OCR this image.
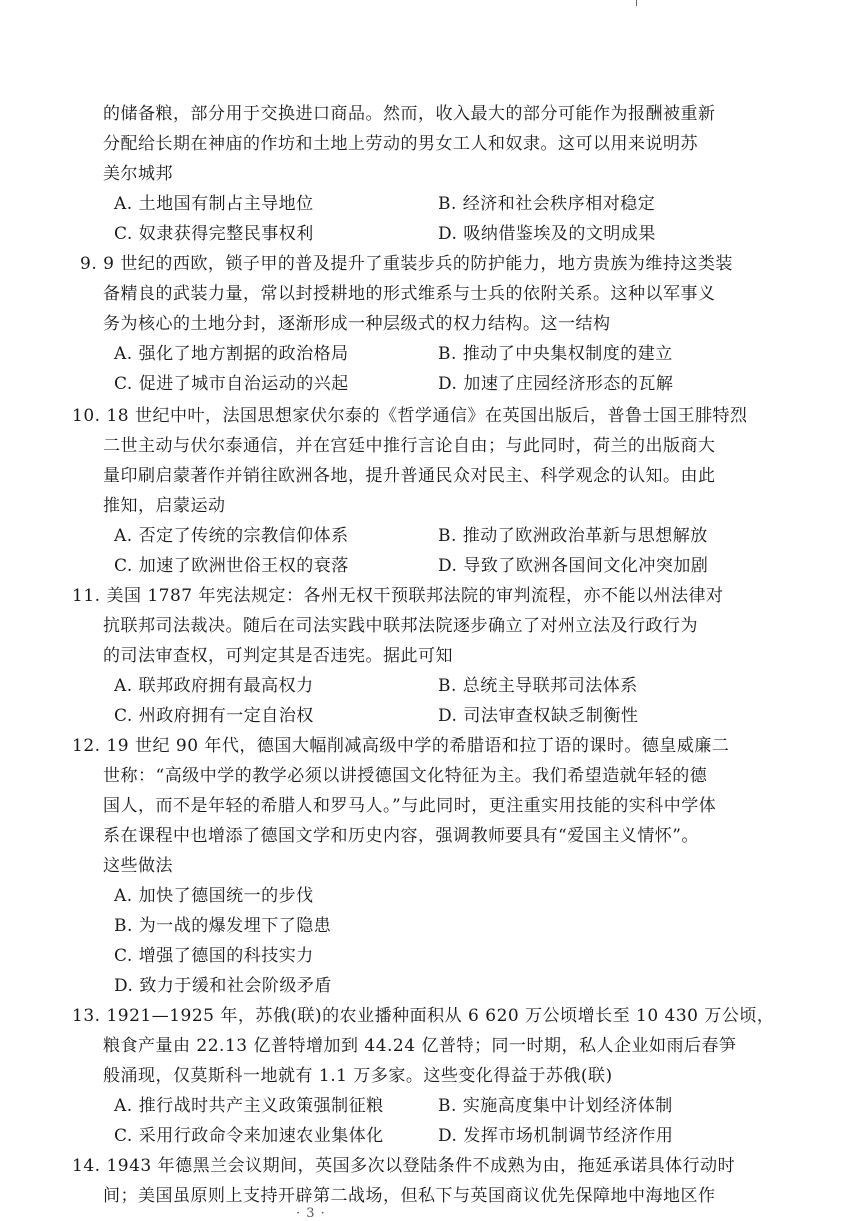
的储备粮，部分用于交换进口商品。然而，收入最大的部分可能作为报酬被重新
分配给长期在神庙的作坊和土地上劳动的男女工人和奴隶。这可以用来说明苏
美尔城邦
A. 土地国有制占主导地位	B. 经济和社会秩序相对稳定
C. 奴隶获得完整民事权利	D. 吸纳借鉴埃及的文明成果
9. 9 世纪的西欧，锁子甲的普及提升了重装步兵的防护能力，地方贵族为维持这类装
备精良的武装力量，常以封授耕地的形式维系与士兵的依附关系。这种以军事义
务为核心的土地分封，逐渐形成一种层级式的权力结构。这一结构
A. 强化了地方割据的政治格局	B. 推动了中央集权制度的建立
C. 促进了城市自治运动的兴起	D. 加速了庄园经济形态的瓦解
10. 18 世纪中叶，法国思想家伏尔泰的《哲学通信》在英国出版后，普鲁士国王腓特烈
二世主动与伏尔泰通信，并在宫廷中推行言论自由；与此同时，荷兰的出版商大
量印刷启蒙著作并销往欧洲各地，提升普通民众对民主、科学观念的认知。由此
推知，启蒙运动
A. 否定了传统的宗教信仰体系	B. 推动了欧洲政治革新与思想解放
C. 加速了欧洲世俗王权的衰落	D. 导致了欧洲各国间文化冲突加剧
11. 美国 1787 年宪法规定：各州无权干预联邦法院的审判流程，亦不能以州法律对
抗联邦司法裁决。随后在司法实践中联邦法院逐步确立了对州立法及行政行为
的司法审查权，可判定其是否违宪。据此可知
A. 联邦政府拥有最高权力	B. 总统主导联邦司法体系
C. 州政府拥有一定自治权	D. 司法审查权缺乏制衡性
12. 19 世纪 90 年代，德国大幅削减高级中学的希腊语和拉丁语的课时。德皇威廉二
世称：“高级中学的教学必须以讲授德国文化特征为主。我们希望造就年轻的德
国人，而不是年轻的希腊人和罗马人。”与此同时，更注重实用技能的实科中学体
系在课程中也增添了德国文学和历史内容，强调教师要具有“爱国主义情怀”。
这些做法
A. 加快了德国统一的步伐
B. 为一战的爆发埋下了隐患
C. 增强了德国的科技实力
D. 致力于缓和社会阶级矛盾
13. 1921—1925 年，苏俄(联)的农业播种面积从 6 620 万公顷增长至 10 430 万公顷，
粮食产量由 22.13 亿普特增加到 44.24 亿普特；同一时期，私人企业如雨后春笋
般涌现，仅莫斯科一地就有 1.1 万多家。这些变化得益于苏俄(联)
A. 推行战时共产主义政策强制征粮	B. 实施高度集中计划经济体制
C. 采用行政命令来加速农业集体化	D. 发挥市场机制调节经济作用
14. 1943 年德黑兰会议期间，英国多次以登陆条件不成熟为由，拖延承诺具体行动时
间；美国虽原则上支持开辟第二战场，但私下与英国商议优先保障地中海地区作
· 3 ·
